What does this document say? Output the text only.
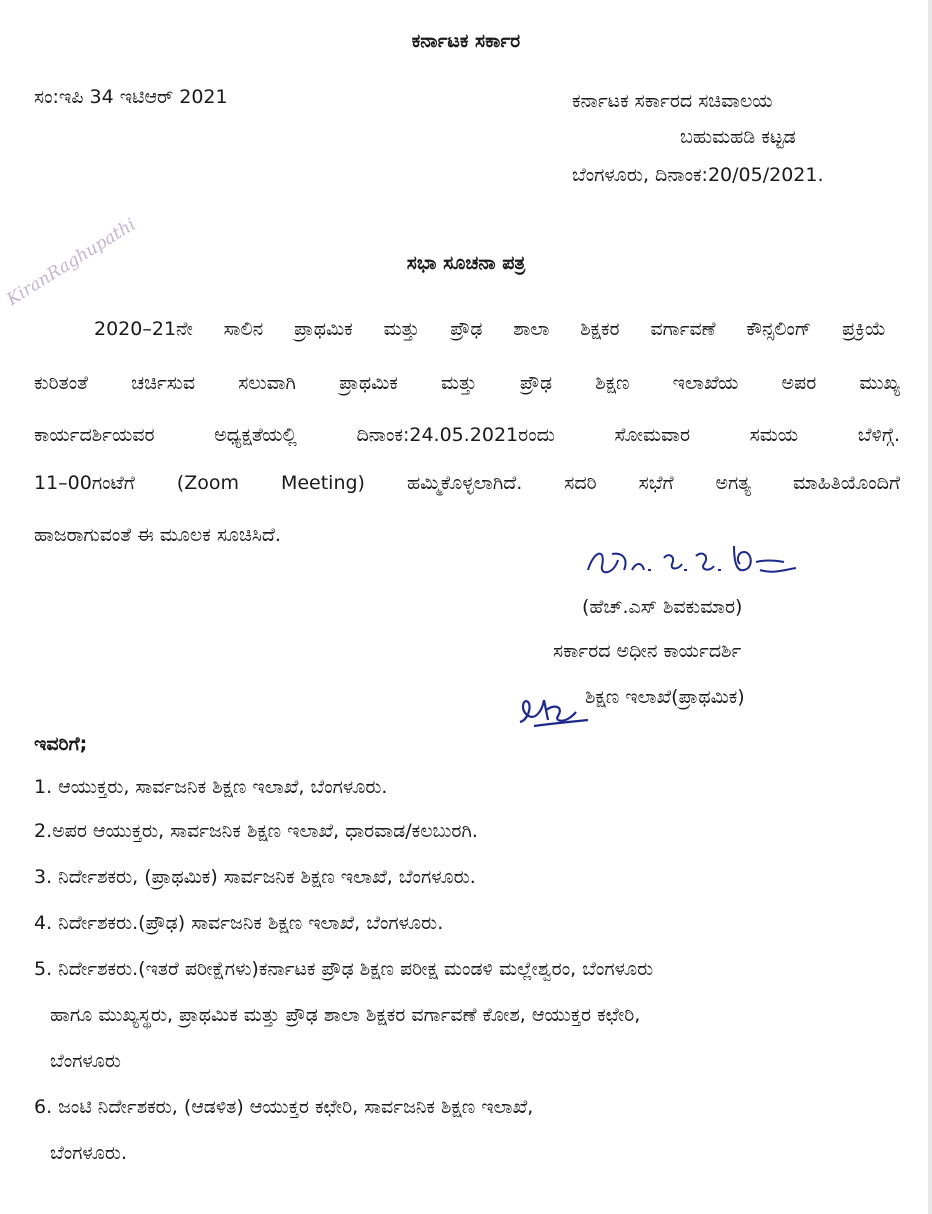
ಕರ್ನಾಟಕ ಸರ್ಕಾರ
ಸಂ:ಇಪಿ 34 ಇಟಿಆರ್ 2021	ಕರ್ನಾಟಕ ಸರ್ಕಾರದ ಸಚಿವಾಲಯ
ಬಹುಮಹಡಿ ಕಟ್ಟಡ
ಬೆಂಗಳೂರು, ದಿನಾಂಕ:20/05/2021.
ಸಭಾ ಸೂಚನಾ ಪತ್ರ
KiranRaghupathi
2020–21ನೇ ಸಾಲಿನ ಪ್ರಾಥಮಿಕ ಮತ್ತು ಪ್ರೌಢ ಶಾಲಾ ಶಿಕ್ಷಕರ ವರ್ಗಾವಣೆ ಕೌನ್ಸಲಿಂಗ್ ಪ್ರಕ್ರಿಯೆ
ಕುರಿತಂತೆ ಚರ್ಚಿಸುವ ಸಲುವಾಗಿ ಪ್ರಾಥಮಿಕ ಮತ್ತು ಪ್ರೌಢ ಶಿಕ್ಷಣ ಇಲಾಖೆಯ ಅಪರ ಮುಖ್ಯ
ಕಾರ್ಯದರ್ಶಿಯವರ ಅಧ್ಯಕ್ಷತೆಯಲ್ಲಿ ದಿನಾಂಕ:24.05.2021ರಂದು ಸೋಮವಾರ ಸಮಯ ಬೆಳಿಗ್ಗೆ.
11–00ಗಂಟೆಗೆ (Zoom Meeting) ಹಮ್ಮಿಕೊಳ್ಳಲಾಗಿದೆ. ಸದರಿ ಸಭೆಗೆ ಅಗತ್ಯ ಮಾಹಿತಿಯೊಂದಿಗೆ
ಹಾಜರಾಗುವಂತೆ ಈ ಮೂಲಕ ಸೂಚಿಸಿದೆ.
(ಹೆಚ್.ಎಸ್ ಶಿವಕುಮಾರ)
ಸರ್ಕಾರದ ಅಧೀನ ಕಾರ್ಯದರ್ಶಿ
ಶಿಕ್ಷಣ ಇಲಾಖೆ(ಪ್ರಾಥಮಿಕ)
ಇವರಿಗೆ;
1. ಆಯುಕ್ತರು, ಸಾರ್ವಜನಿಕ ಶಿಕ್ಷಣ ಇಲಾಖೆ, ಬೆಂಗಳೂರು.
2.ಅಪರ ಆಯುಕ್ತರು, ಸಾರ್ವಜನಿಕ ಶಿಕ್ಷಣ ಇಲಾಖೆ, ಧಾರವಾಡ/ಕಲಬುರಗಿ.
3. ನಿರ್ದೇಶಕರು, (ಪ್ರಾಥಮಿಕ) ಸಾರ್ವಜನಿಕ ಶಿಕ್ಷಣ ಇಲಾಖೆ, ಬೆಂಗಳೂರು.
4. ನಿರ್ದೇಶಕರು.(ಪ್ರೌಢ) ಸಾರ್ವಜನಿಕ ಶಿಕ್ಷಣ ಇಲಾಖೆ, ಬೆಂಗಳೂರು.
5. ನಿರ್ದೇಶಕರು.(ಇತರೆ ಪರೀಕ್ಷೆಗಳು)ಕರ್ನಾಟಕ ಪ್ರೌಢ ಶಿಕ್ಷಣ ಪರೀಕ್ಷ ಮಂಡಳಿ ಮಲ್ಲೇಶ್ವರಂ, ಬೆಂಗಳೂರು
ಹಾಗೂ ಮುಖ್ಯಸ್ಥರು, ಪ್ರಾಥಮಿಕ ಮತ್ತು ಪ್ರೌಢ ಶಾಲಾ ಶಿಕ್ಷಕರ ವರ್ಗಾವಣೆ ಕೋಶ, ಆಯುಕ್ತರ ಕಛೇರಿ,
ಬೆಂಗಳೂರು
6. ಜಂಟಿ ನಿರ್ದೇಶಕರು, (ಆಡಳಿತ) ಆಯುಕ್ತರ ಕಛೇರಿ, ಸಾರ್ವಜನಿಕ ಶಿಕ್ಷಣ ಇಲಾಖೆ,
ಬೆಂಗಳೂರು.
